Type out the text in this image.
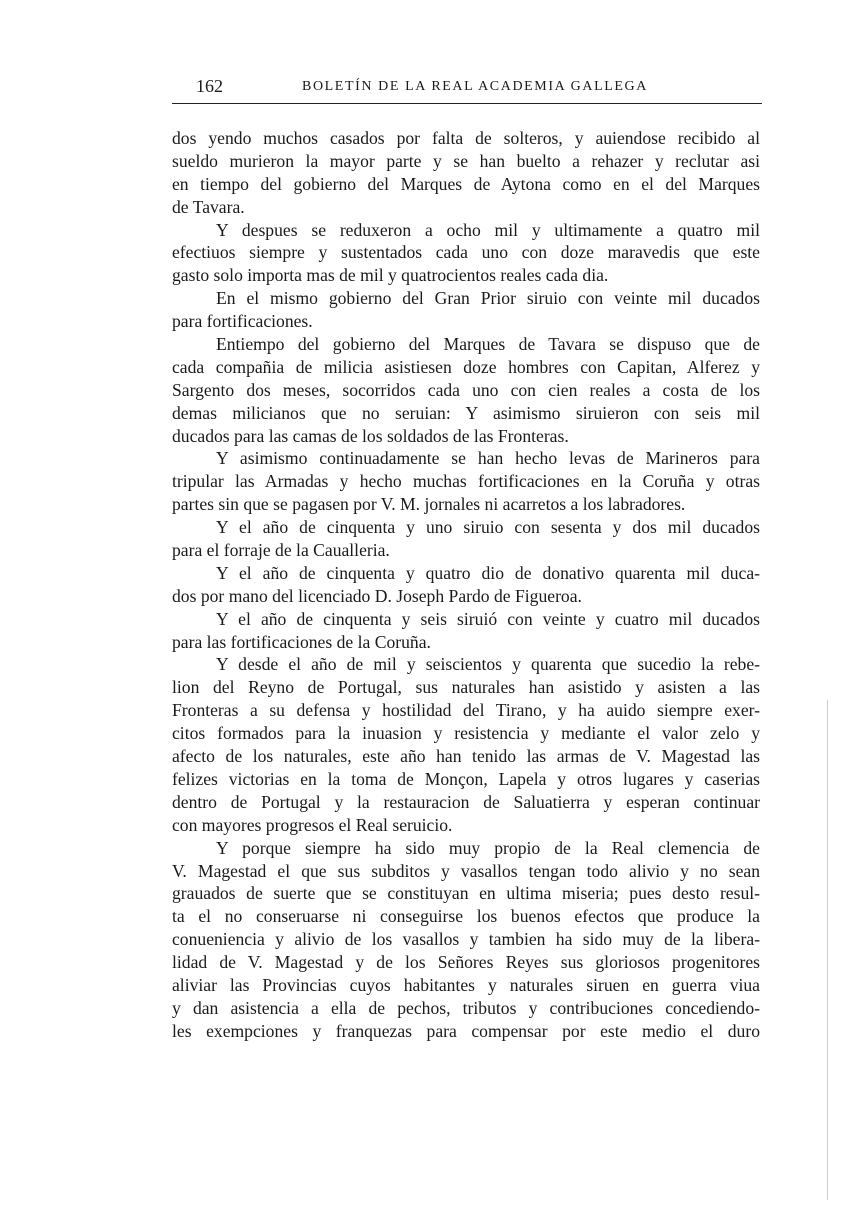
162	BOLETÍN DE LA REAL ACADEMIA GALLEGA
dos yendo muchos casados por falta de solteros, y auiendose recibido al
sueldo murieron la mayor parte y se han buelto a rehazer y reclutar asi
en tiempo del gobierno del Marques de Aytona como en el del Marques
de Tavara.
Y despues se reduxeron a ocho mil y ultimamente a quatro mil
efectiuos siempre y sustentados cada uno con doze maravedis que este
gasto solo importa mas de mil y quatrocientos reales cada dia.
En el mismo gobierno del Gran Prior siruio con veinte mil ducados
para fortificaciones.
Entiempo del gobierno del Marques de Tavara se dispuso que de
cada compañia de milicia asistiesen doze hombres con Capitan, Alferez y
Sargento dos meses, socorridos cada uno con cien reales a costa de los
demas milicianos que no seruian: Y asimismo siruieron con seis mil
ducados para las camas de los soldados de las Fronteras.
Y asimismo continuadamente se han hecho levas de Marineros para
tripular las Armadas y hecho muchas fortificaciones en la Coruña y otras
partes sin que se pagasen por V. M. jornales ni acarretos a los labradores.
Y el año de cinquenta y uno siruio con sesenta y dos mil ducados
para el forraje de la Caualleria.
Y el año de cinquenta y quatro dio de donativo quarenta mil duca-
dos por mano del licenciado D. Joseph Pardo de Figueroa.
Y el año de cinquenta y seis siruió con veinte y cuatro mil ducados
para las fortificaciones de la Coruña.
Y desde el año de mil y seiscientos y quarenta que sucedio la rebe-
lion del Reyno de Portugal, sus naturales han asistido y asisten a las
Fronteras a su defensa y hostilidad del Tirano, y ha auido siempre exer-
citos formados para la inuasion y resistencia y mediante el valor zelo y
afecto de los naturales, este año han tenido las armas de V. Magestad las
felizes victorias en la toma de Monçon, Lapela y otros lugares y caserias
dentro de Portugal y la restauracion de Saluatierra y esperan continuar
con mayores progresos el Real seruicio.
Y porque siempre ha sido muy propio de la Real clemencia de
V. Magestad el que sus subditos y vasallos tengan todo alivio y no sean
grauados de suerte que se constituyan en ultima miseria; pues desto resul-
ta el no conseruarse ni conseguirse los buenos efectos que produce la
conueniencia y alivio de los vasallos y tambien ha sido muy de la libera-
lidad de V. Magestad y de los Señores Reyes sus gloriosos progenitores
aliviar las Provincias cuyos habitantes y naturales siruen en guerra viua
y dan asistencia a ella de pechos, tributos y contribuciones concediendo-
les exempciones y franquezas para compensar por este medio el duro
